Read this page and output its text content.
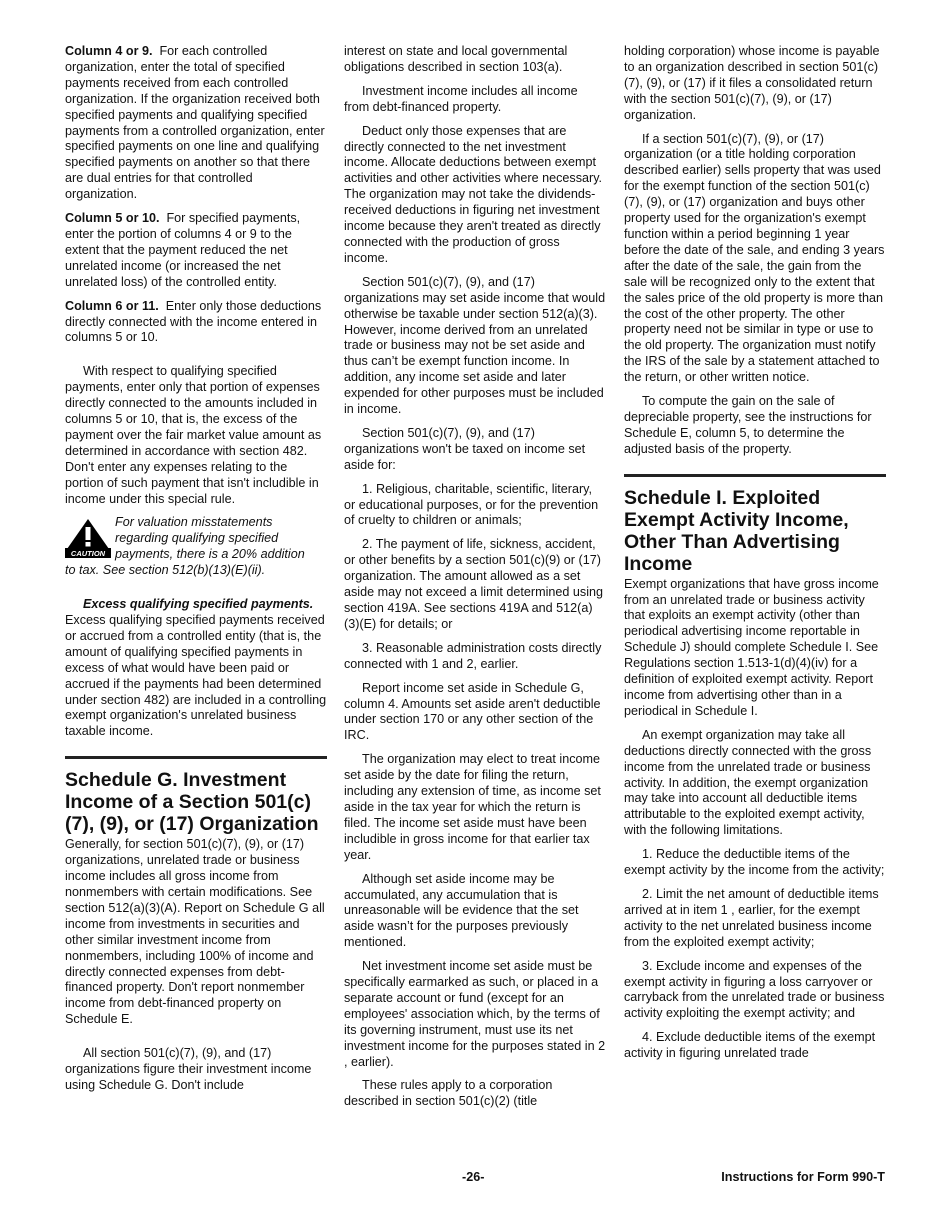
Column 4 or 9. For each controlled organization, enter the total of specified payments received from each controlled organization. If the organization received both specified payments and qualifying specified payments from a controlled organization, enter specified payments on one line and qualifying specified payments on another so that there are dual entries for that controlled organization.

Column 5 or 10. For specified payments, enter the portion of columns 4 or 9 to the extent that the payment reduced the net unrelated income (or increased the net unrelated loss) of the controlled entity.

Column 6 or 11. Enter only those deductions directly connected with the income entered in columns 5 or 10.

With respect to qualifying specified payments, enter only that portion of expenses directly connected to the amounts included in columns 5 or 10, that is, the excess of the payment over the fair market value amount as determined in accordance with section 482. Don't enter any expenses relating to the portion of such payment that isn't includible in income under this special rule.

CAUTION
For valuation misstatements regarding qualifying specified payments, there is a 20% addition
to tax. See section 512(b)(13)(E)(ii).

Excess qualifying specified payments.  Excess qualifying specified payments received or accrued from a controlled entity (that is, the amount of qualifying specified payments in excess of what would have been paid or accrued if the payments had been determined under section 482) are included in a controlling exempt organization's unrelated business taxable income.

Schedule G. Investment Income of a Section 501(c)(7), (9), or (17) Organization

Generally, for section 501(c)(7), (9), or (17) organizations, unrelated trade or business income includes all gross income from nonmembers with certain modifications. See section 512(a)(3)(A). Report on Schedule G all income from investments in securities and other similar investment income from nonmembers, including 100% of income and directly connected expenses from debt-financed property. Don't report nonmember income from debt-financed property on Schedule E.

All section 501(c)(7), (9), and (17) organizations figure their investment income using Schedule G. Don't include

interest on state and local governmental obligations described in section 103(a).

Investment income includes all income from debt-financed property.

Deduct only those expenses that are directly connected to the net investment income. Allocate deductions between exempt activities and other activities where necessary. The organization may not take the dividends-received deductions in figuring net investment income because they aren't treated as directly connected with the production of gross income.

Section 501(c)(7), (9), and (17) organizations may set aside income that would otherwise be taxable under section 512(a)(3). However, income derived from an unrelated trade or business may not be set aside and thus can’t be exempt function income. In addition, any income set aside and later expended for other purposes must be included in income.

Section 501(c)(7), (9), and (17) organizations won't be taxed on income set aside for:

1. Religious, charitable, scientific, literary, or educational purposes, or for the prevention of cruelty to children or animals;

2. The payment of life, sickness, accident, or other benefits by a section 501(c)(9) or (17) organization. The amount allowed as a set aside may not exceed a limit determined using section 419A. See sections 419A and 512(a)(3)(E) for details; or

3. Reasonable administration costs directly connected with 1 and 2, earlier.

Report income set aside in Schedule G, column 4. Amounts set aside aren't deductible under section 170 or any other section of the IRC.

The organization may elect to treat income set aside by the date for filing the return, including any extension of time, as income set aside in the tax year for which the return is filed. The income set aside must have been includible in gross income for that earlier tax year.

Although set aside income may be accumulated, any accumulation that is unreasonable will be evidence that the set aside wasn’t for the purposes previously mentioned.

Net investment income set aside must be specifically earmarked as such, or placed in a separate account or fund (except for an employees' association which, by the terms of its governing instrument, must use its net investment income for the purposes stated in 2 , earlier).

These rules apply to a corporation described in section 501(c)(2) (title

holding corporation) whose income is payable to an organization described in section 501(c)(7), (9), or (17) if it files a consolidated return with the section 501(c)(7), (9), or (17) organization.

If a section 501(c)(7), (9), or (17) organization (or a title holding corporation described earlier) sells property that was used for the exempt function of the section 501(c)(7), (9), or (17) organization and buys other property used for the organization's exempt function within a period beginning 1 year before the date of the sale, and ending 3 years after the date of the sale, the gain from the sale will be recognized only to the extent that the sales price of the old property is more than the cost of the other property. The other property need not be similar in type or use to the old property. The organization must notify the IRS of the sale by a statement attached to the return, or other written notice.

To compute the gain on the sale of depreciable property, see the instructions for Schedule E, column 5, to determine the adjusted basis of the property.

Schedule I. Exploited Exempt Activity Income, Other Than Advertising Income

Exempt organizations that have gross income from an unrelated trade or business activity that exploits an exempt activity (other than periodical advertising income reportable in Schedule J) should complete Schedule I. See Regulations section 1.513-1(d)(4)(iv) for a definition of exploited exempt activity. Report income from advertising other than in a periodical in Schedule I.

An exempt organization may take all deductions directly connected with the gross income from the unrelated trade or business activity. In addition, the exempt organization may take into account all deductible items attributable to the exploited exempt activity, with the following limitations.

1. Reduce the deductible items of the exempt activity by the income from the activity;

2. Limit the net amount of deductible items arrived at in item 1 , earlier, for the exempt activity to the net unrelated business income from the exploited exempt activity;

3. Exclude income and expenses of the exempt activity in figuring a loss carryover or carryback from the unrelated trade or business activity exploiting the exempt activity; and

4. Exclude deductible items of the exempt activity in figuring unrelated trade

-26-	Instructions for Form 990-T
